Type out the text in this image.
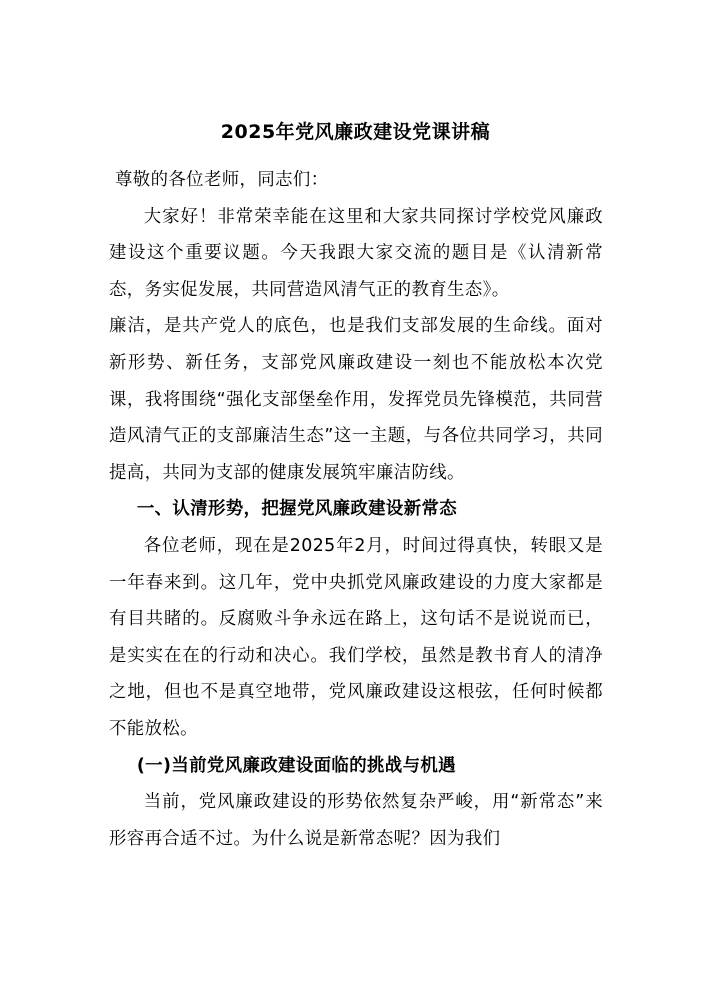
2025年党风廉政建设党课讲稿

尊敬的各位老师，同志们：

大家好！非常荣幸能在这里和大家共同探讨学校党风廉政建设这个重要议题。今天我跟大家交流的题目是《认清新常态，务实促发展，共同营造风清气正的教育生态》。

廉洁，是共产党人的底色，也是我们支部发展的生命线。面对新形势、新任务，支部党风廉政建设一刻也不能放松本次党课，我将围绕“强化支部堡垒作用，发挥党员先锋模范，共同营造风清气正的支部廉洁生态”这一主题，与各位共同学习，共同提高，共同为支部的健康发展筑牢廉洁防线。

一、认清形势，把握党风廉政建设新常态

各位老师，现在是2025年2月，时间过得真快，转眼又是一年春来到。这几年，党中央抓党风廉政建设的力度大家都是有目共睹的。反腐败斗争永远在路上，这句话不是说说而已，是实实在在的行动和决心。我们学校，虽然是教书育人的清净之地，但也不是真空地带，党风廉政建设这根弦，任何时候都不能放松。

(一)当前党风廉政建设面临的挑战与机遇

当前，党风廉政建设的形势依然复杂严峻，用“新常态”来形容再合适不过。为什么说是新常态呢？因为我们
